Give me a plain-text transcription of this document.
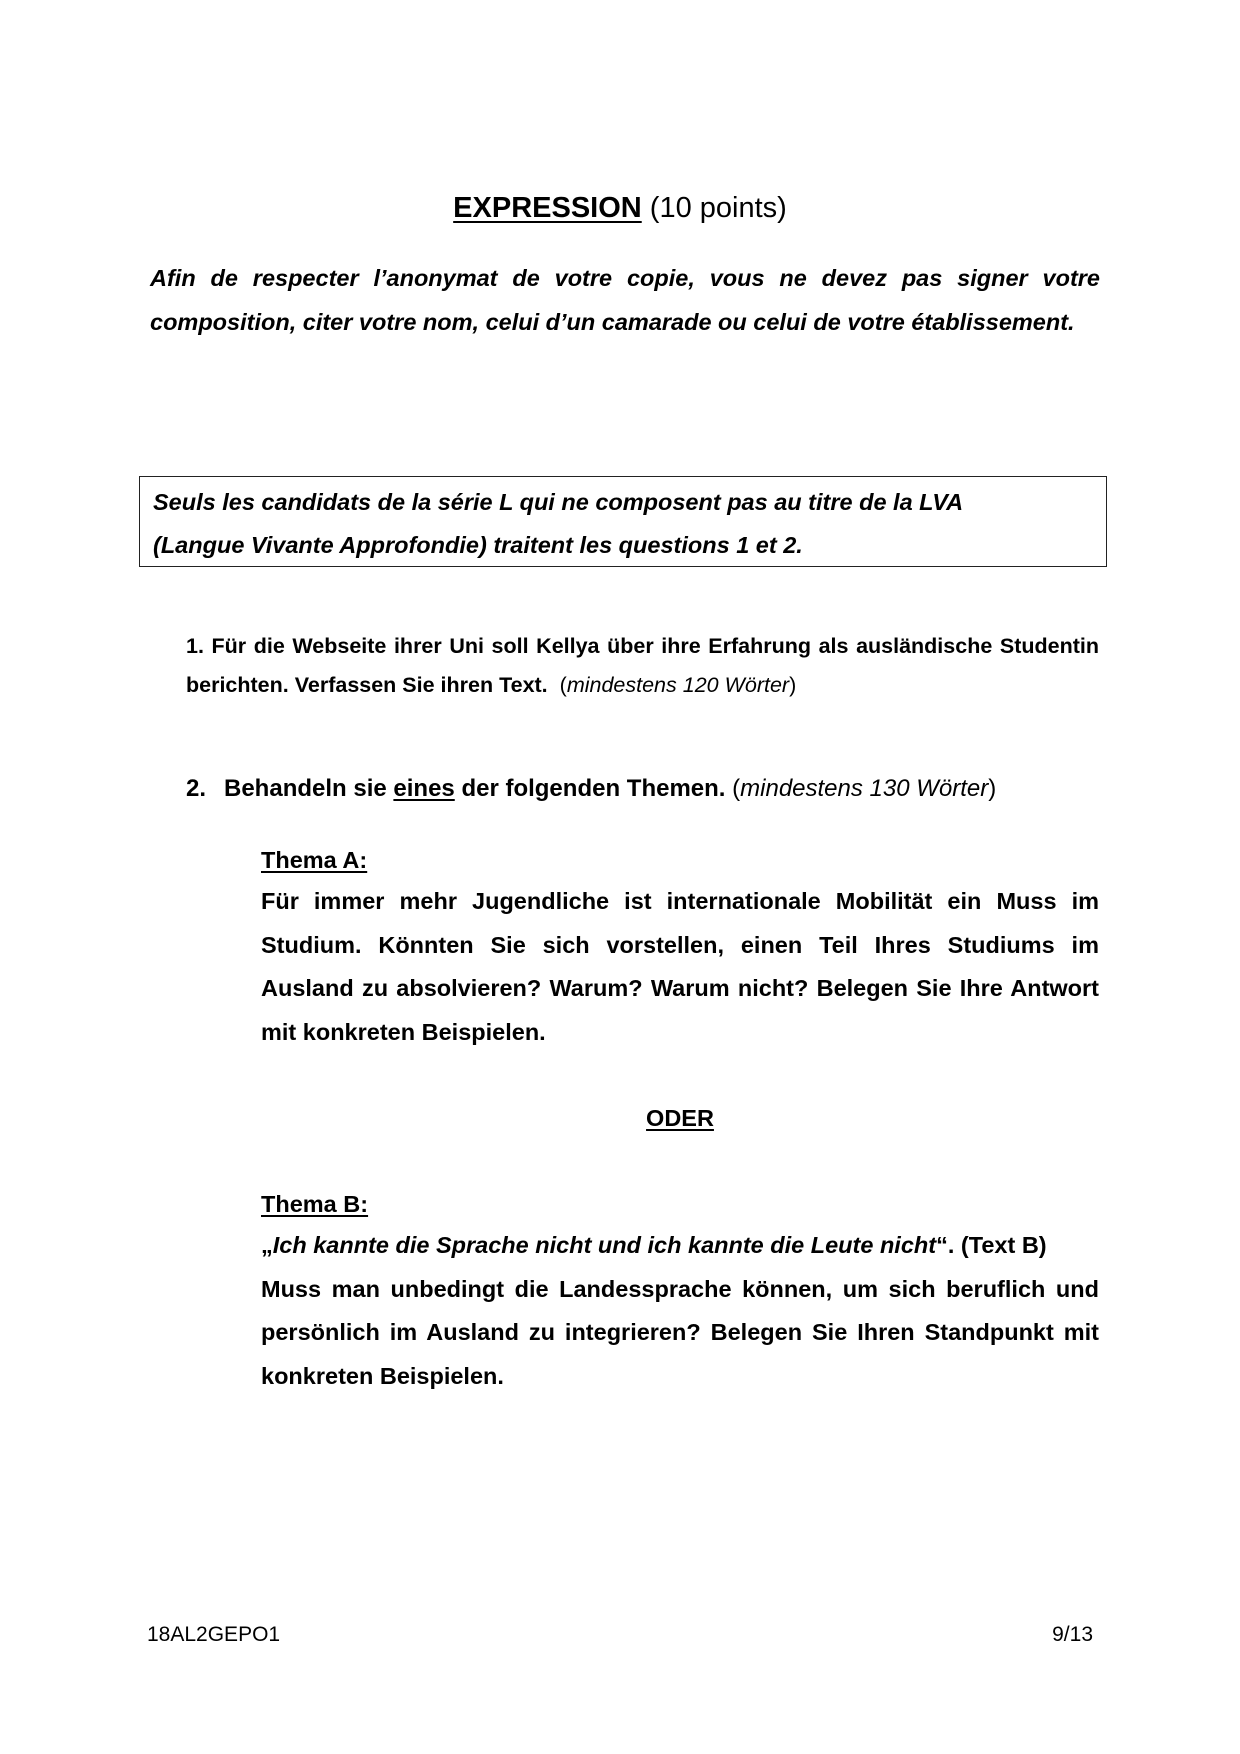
EXPRESSION (10 points)
Afin de respecter l’anonymat de votre copie, vous ne devez pas signer votre composition, citer votre nom, celui d’un camarade ou celui de votre établissement.
Seuls les candidats de la série L qui ne composent pas au titre de la LVA
(Langue Vivante Approfondie) traitent les questions 1 et 2.
1. Für die Webseite ihrer Uni soll Kellya über ihre Erfahrung als ausländische Studentin berichten. Verfassen Sie ihren Text. (mindestens 120 Wörter)
2. Behandeln sie eines der folgenden Themen. (mindestens 130 Wörter)
Thema A:
Für immer mehr Jugendliche ist internationale Mobilität ein Muss im Studium. Könnten Sie sich vorstellen, einen Teil Ihres Studiums im Ausland zu absolvieren? Warum? Warum nicht? Belegen Sie Ihre Antwort mit konkreten Beispielen.
ODER
Thema B:
„Ich kannte die Sprache nicht und ich kannte die Leute nicht“. (Text B)
Muss man unbedingt die Landessprache können, um sich beruflich und persönlich im Ausland zu integrieren? Belegen Sie Ihren Standpunkt mit konkreten Beispielen.
18AL2GEPO1	9/13
